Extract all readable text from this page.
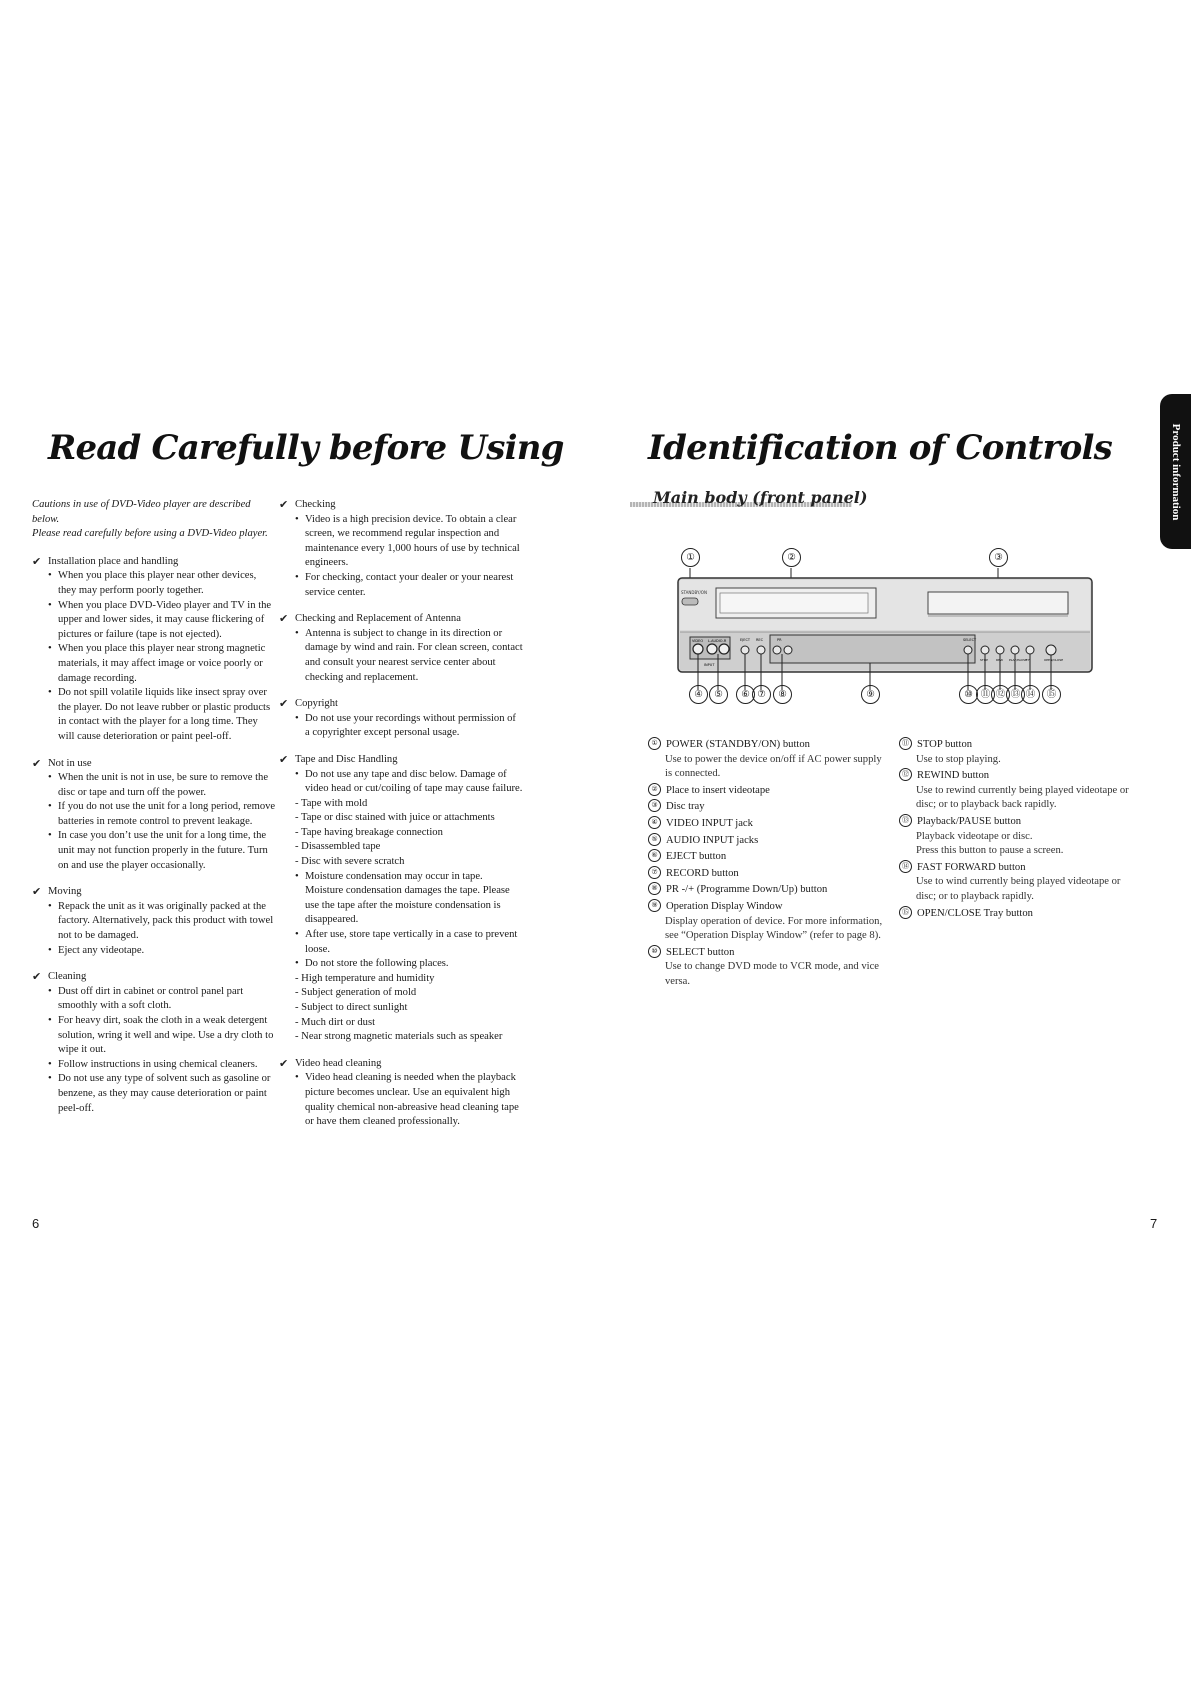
Read Carefully before Using
Cautions in use of DVD-Video player are described below.
Please read carefully before using a DVD-Video player.
✔ Installation place and handling
• When you place this player near other devices, they may perform poorly together.
• When you place DVD-Video player and TV in the upper and lower sides, it may cause flickering of pictures or failure (tape is not ejected).
• When you place this player near strong magnetic materials, it may affect image or voice poorly or damage recording.
• Do not spill volatile liquids like insect spray over the player. Do not leave rubber or plastic products in contact with the player for a long time. They will cause deterioration or paint peel-off.
✔ Not in use
• When the unit is not in use, be sure to remove the disc or tape and turn off the power.
• If you do not use the unit for a long period, remove batteries in remote control to prevent leakage.
• In case you don’t use the unit for a long time, the unit may not function properly in the future. Turn on and use the player occasionally.
✔ Moving
• Repack the unit as it was originally packed at the factory. Alternatively, pack this product with towel not to be damaged.
• Eject any videotape.
✔ Cleaning
• Dust off dirt in cabinet or control panel part smoothly with a soft cloth.
• For heavy dirt, soak the cloth in a weak detergent solution, wring it well and wipe. Use a dry cloth to wipe it out.
• Follow instructions in using chemical cleaners.
• Do not use any type of solvent such as gasoline or benzene, as they may cause deterioration or paint peel-off.
✔ Checking
• Video is a high precision device. To obtain a clear screen, we recommend regular inspection and maintenance every 1,000 hours of use by technical engineers.
• For checking, contact your dealer or your nearest service center.
✔ Checking and Replacement of Antenna
• Antenna is subject to change in its direction or damage by wind and rain. For clean screen, contact and consult your nearest service center about checking and replacement.
✔ Copyright
• Do not use your recordings without permission of a copyrighter except personal usage.
✔ Tape and Disc Handling
• Do not use any tape and disc below. Damage of video head or cut/coiling of tape may cause failure.
- Tape with mold
- Tape or disc stained with juice or attachments
- Tape having breakage connection
- Disassembled tape
- Disc with severe scratch
• Moisture condensation may occur in tape. Moisture condensation damages the tape. Please use the tape after the moisture condensation is disappeared.
• After use, store tape vertically in a case to prevent loose.
• Do not store the following places.
- High temperature and humidity
- Subject generation of mold
- Subject to direct sunlight
- Much dirt or dust
- Near strong magnetic materials such as speaker
✔ Video head cleaning
• Video head cleaning is needed when the playback picture becomes unclear. Use an equivalent high quality chemical non-abreasive head cleaning tape or have them cleaned professionally.
6
Identification of Controls	Product information
Main body (front panel)
STANDBY/ON
VIDEO L-AUDIO-R
INPUT
EJECT REC	PR	SELECT
STOP	REW PLAY/PAUSE F.F	OPEN/CLOSE
①	②	③
④	⑤	⑥ ⑦	⑧	⑨	⑩ ⑪ ⑫ ⑬ ⑭	⑮
① POWER (STANDBY/ON) button
Use to power the device on/off if AC power supply is connected.
② Place to insert videotape
③ Disc tray
④ VIDEO INPUT jack
⑤ AUDIO INPUT jacks
⑥ EJECT button
⑦ RECORD button
⑧ PR -/+ (Programme Down/Up) button
⑨ Operation Display Window
Display operation of device. For more information, see “Operation Display Window” (refer to page 8).
⑩ SELECT button
Use to change DVD mode to VCR mode, and vice versa.
⑪ STOP button
Use to stop playing.
⑫ REWIND button
Use to rewind currently being played videotape or disc; or to playback back rapidly.
⑬ Playback/PAUSE button
Playback videotape or disc.
Press this button to pause a screen.
⑭ FAST FORWARD button
Use to wind currently being played videotape or disc; or to playback rapidly.
⑮ OPEN/CLOSE Tray button
7
